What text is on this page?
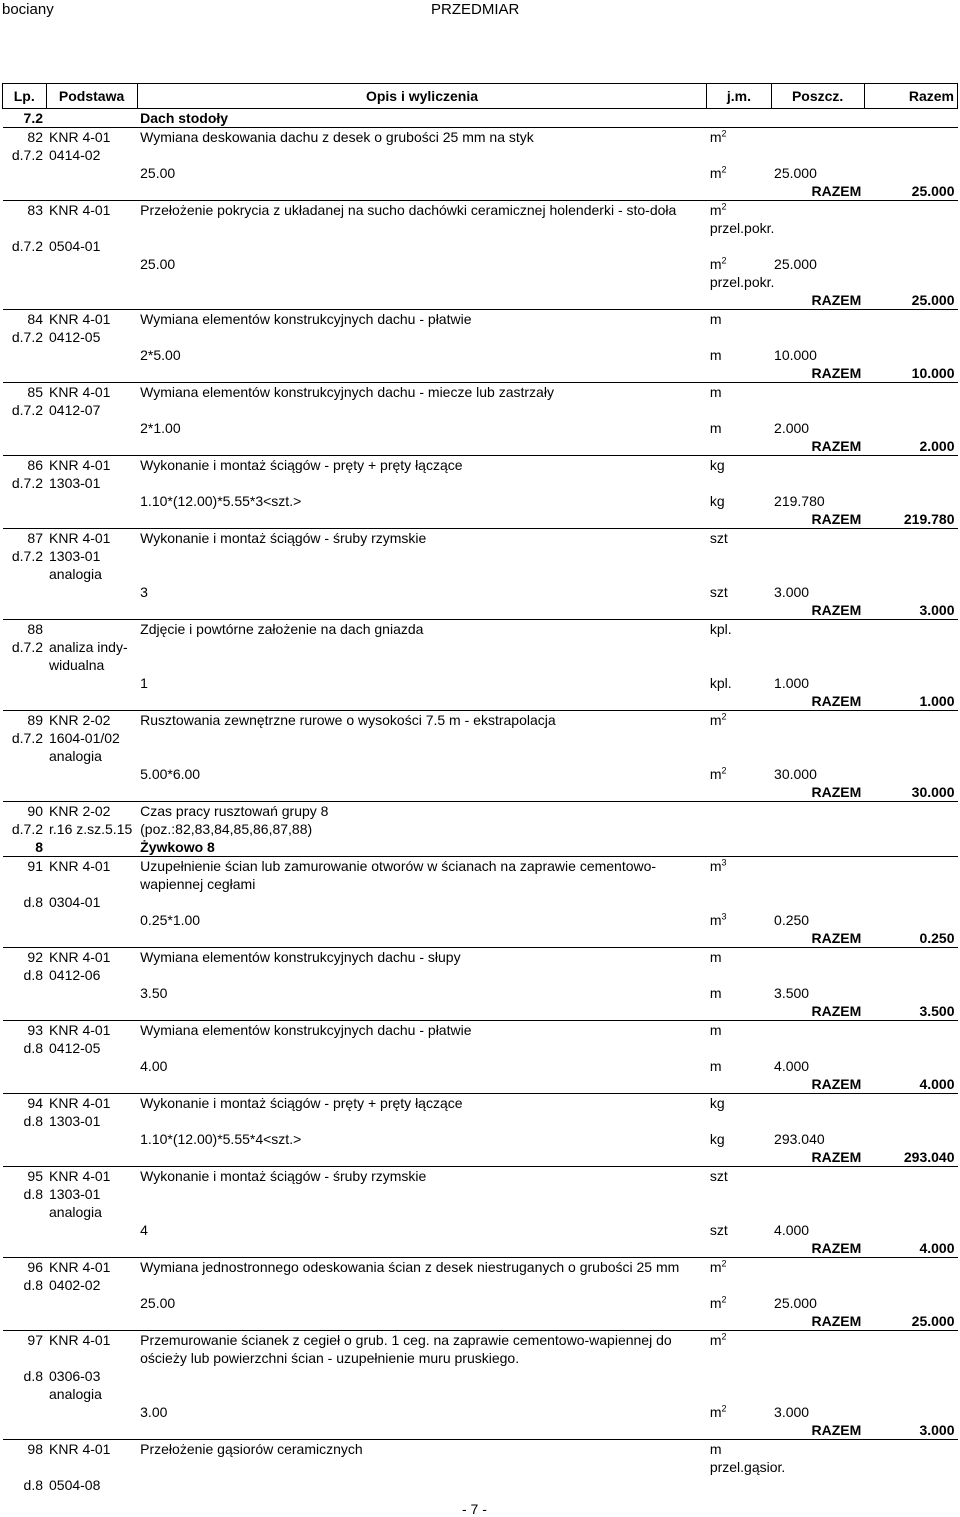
bociany	PRZEDMIAR
Lp.	Podstawa	Opis i wyliczenia	j.m.	Poszcz.	Razem
7.2		Dach stodoły			
82	KNR 4-01	Wymiana deskowania dachu z desek o grubości 25 mm na styk	$m^2$		
d.7.2	0414-02				
		25.00	$m^2$	25.000	
				RAZEM	25.000
83	KNR 4-01	Przełożenie pokrycia z układanej na sucho dachówki ceramicznej holenderki - sto-doła	$m^2$ przel.pokr.		
d.7.2	0504-01				
		25.00	$m^2$ przel.pokr.	25.000	
				RAZEM	25.000
84	KNR 4-01	Wymiana elementów konstrukcyjnych dachu - płatwie	m		
d.7.2	0412-05				
		2*5.00	m	10.000	
				RAZEM	10.000
85	KNR 4-01	Wymiana elementów konstrukcyjnych dachu - miecze lub zastrzały	m		
d.7.2	0412-07				
		2*1.00	m	2.000	
				RAZEM	2.000
86	KNR 4-01	Wykonanie i montaż ściągów - pręty + pręty łączące	kg		
d.7.2	1303-01				
		1.10*(12.00)*5.55*3<szt.>	kg	219.780	
				RAZEM	219.780
87	KNR 4-01	Wykonanie i montaż ściągów - śruby rzymskie	szt		
d.7.2	1303-01				
	analogia				
		3	szt	3.000	
				RAZEM	3.000
88		Zdjęcie i powtórne założenie na dach gniazda	kpl.		
d.7.2	analiza indy-				
	widualna				
		1	kpl.	1.000	
				RAZEM	1.000
89	KNR 2-02	Rusztowania zewnętrzne rurowe o wysokości 7.5 m - ekstrapolacja	$m^2$		
d.7.2	1604-01/02				
	analogia				
		5.00*6.00	$m^2$	30.000	
				RAZEM	30.000
90	KNR 2-02	Czas pracy rusztowań grupy 8			
d.7.2	r.16 z.sz.5.15	(poz.:82,83,84,85,86,87,88)			
8		Żywkowo 8			
91	KNR 4-01	Uzupełnienie ścian lub zamurowanie otworów w ścianach na zaprawie cementowo-wapiennej cegłami	$m^3$		
d.8	0304-01				
		0.25*1.00	$m^3$	0.250	
				RAZEM	0.250
92	KNR 4-01	Wymiana elementów konstrukcyjnych dachu - słupy	m		
d.8	0412-06				
		3.50	m	3.500	
				RAZEM	3.500
93	KNR 4-01	Wymiana elementów konstrukcyjnych dachu - płatwie	m		
d.8	0412-05				
		4.00	m	4.000	
				RAZEM	4.000
94	KNR 4-01	Wykonanie i montaż ściągów - pręty + pręty łączące	kg		
d.8	1303-01				
		1.10*(12.00)*5.55*4<szt.>	kg	293.040	
				RAZEM	293.040
95	KNR 4-01	Wykonanie i montaż ściągów - śruby rzymskie	szt		
d.8	1303-01				
	analogia				
		4	szt	4.000	
				RAZEM	4.000
96	KNR 4-01	Wymiana jednostronnego odeskowania ścian z desek niestruganych o grubości 25 mm	$m^2$		
d.8	0402-02				
		25.00	$m^2$	25.000	
				RAZEM	25.000
97	KNR 4-01	Przemurowanie ścianek z cegieł o grub. 1 ceg. na zaprawie cementowo-wapiennej do ościeży lub powierzchni ścian - uzupełnienie muru pruskiego.	$m^2$		
d.8	0306-03				
	analogia				
		3.00	$m^2$	3.000	
				RAZEM	3.000
98	KNR 4-01	Przełożenie gąsiorów ceramicznych	m przel.gąsior.		
d.8	0504-08				
- 7 -
